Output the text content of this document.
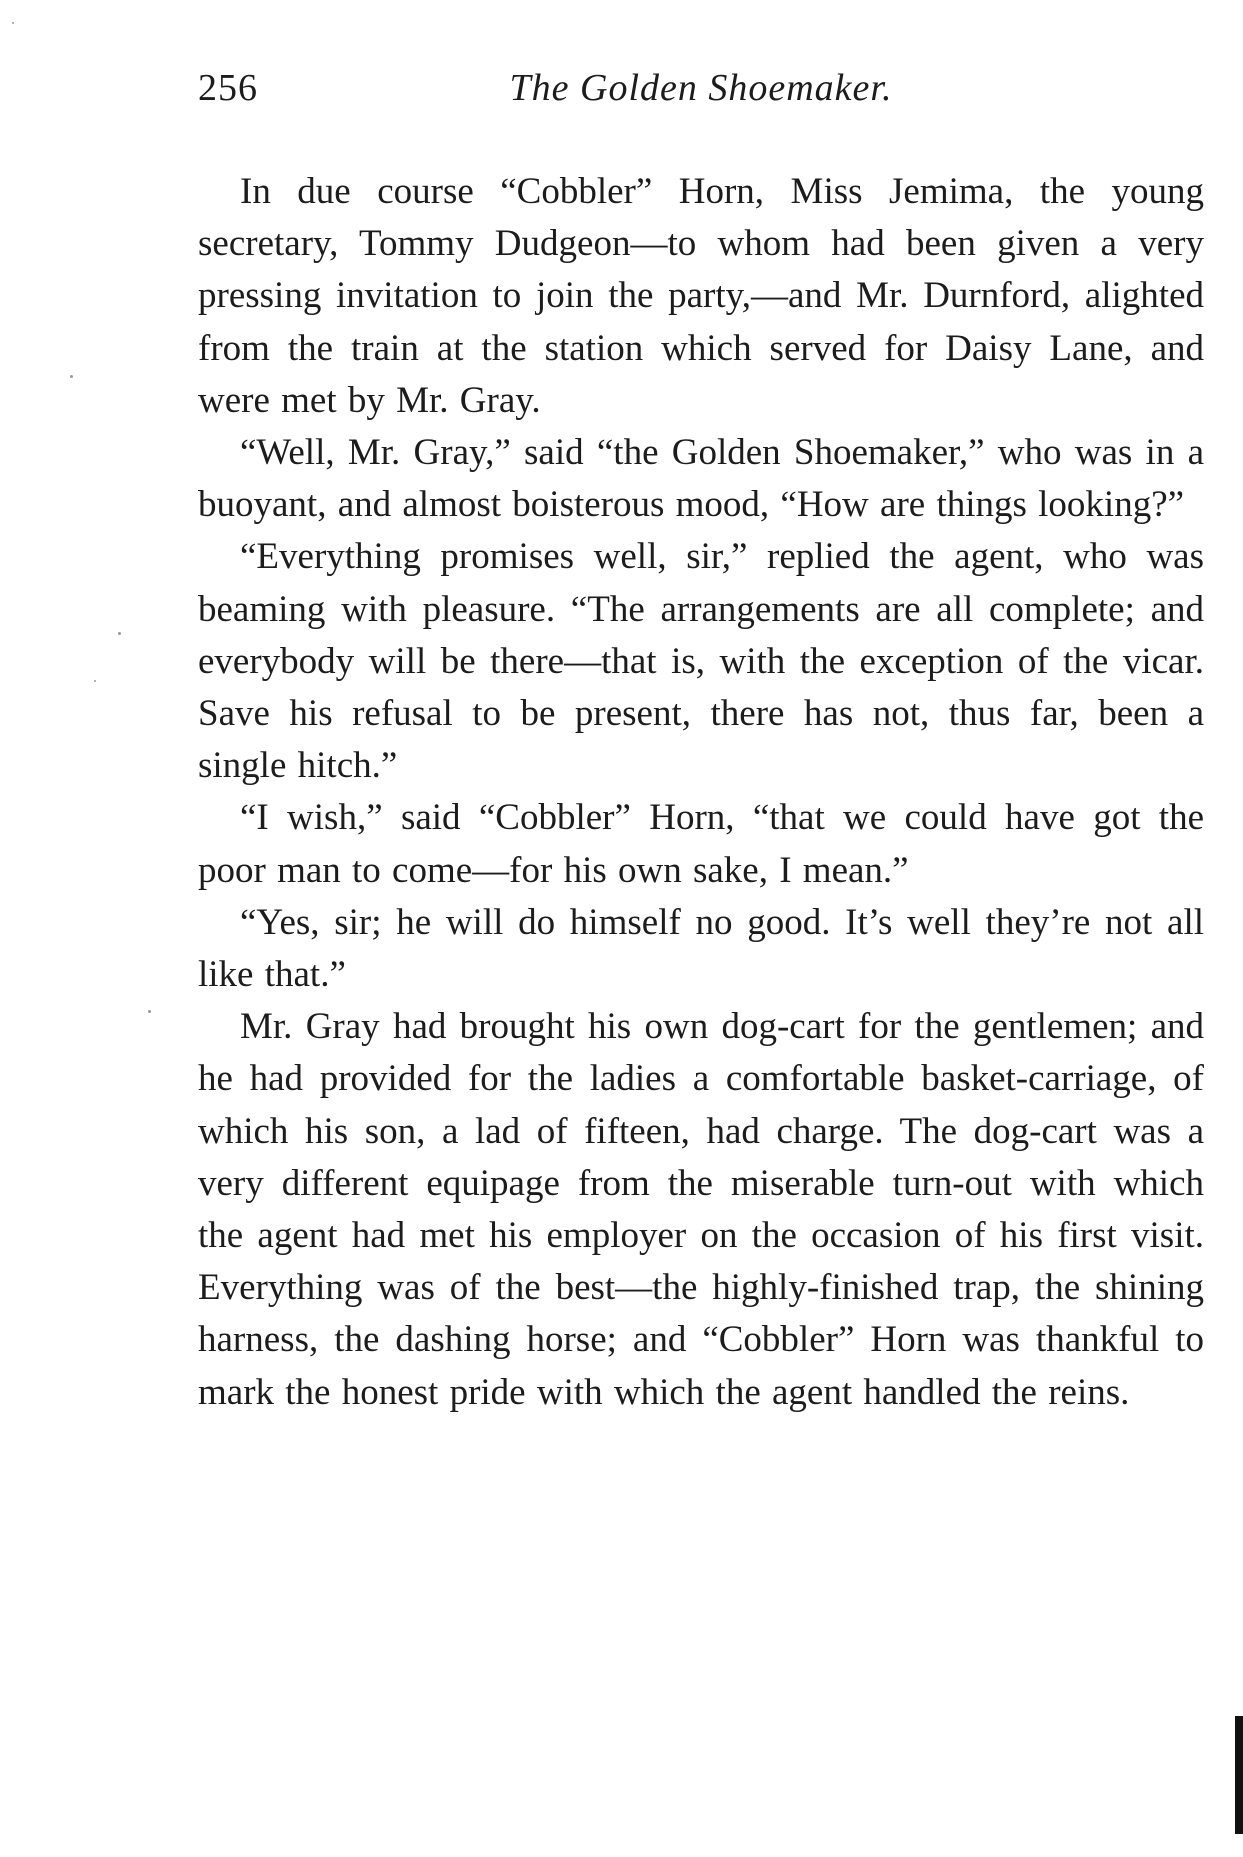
256	The Golden Shoemaker.

In due course “Cobbler” Horn, Miss Jemima, the young secretary, Tommy Dudgeon—to whom had been given a very pressing invitation to join the party,—and Mr. Durnford, alighted from the train at the station which served for Daisy Lane, and were met by Mr. Gray.

“Well, Mr. Gray,” said “the Golden Shoemaker,” who was in a buoyant, and almost boisterous mood, “How are things looking?”

“Everything promises well, sir,” replied the agent, who was beaming with pleasure. “The arrangements are all complete; and everybody will be there—that is, with the exception of the vicar. Save his refusal to be present, there has not, thus far, been a single hitch.”

“I wish,” said “Cobbler” Horn, “that we could have got the poor man to come—for his own sake, I mean.”

“Yes, sir; he will do himself no good. It’s well they’re not all like that.”

Mr. Gray had brought his own dog-cart for the gentlemen; and he had provided for the ladies a comfortable basket-carriage, of which his son, a lad of fifteen, had charge. The dog-cart was a very different equipage from the miserable turn-out with which the agent had met his employer on the occasion of his first visit. Everything was of the best—the highly-finished trap, the shining harness, the dashing horse; and “Cobbler” Horn was thankful to mark the honest pride with which the agent handled the reins.
